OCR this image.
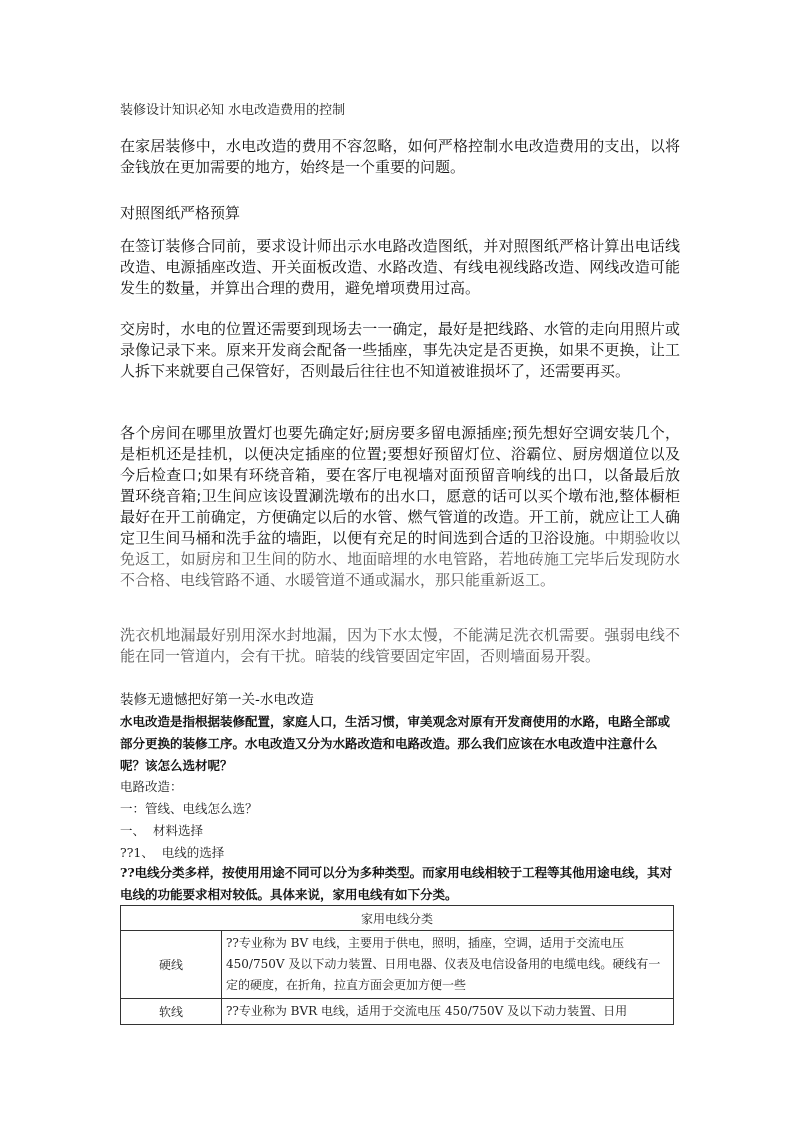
装修设计知识必知 水电改造费用的控制

在家居装修中，水电改造的费用不容忽略，如何严格控制水电改造费用的支出，以将金钱放在更加需要的地方，始终是一个重要的问题。

对照图纸严格预算

在签订装修合同前，要求设计师出示水电路改造图纸，并对照图纸严格计算出电话线改造、电源插座改造、开关面板改造、水路改造、有线电视线路改造、网线改造可能发生的数量，并算出合理的费用，避免增项费用过高。

交房时，水电的位置还需要到现场去一一确定，最好是把线路、水管的走向用照片或录像记录下来。原来开发商会配备一些插座，事先决定是否更换，如果不更换，让工人拆下来就要自己保管好，否则最后往往也不知道被谁损坏了，还需要再买。

各个房间在哪里放置灯也要先确定好;厨房要多留电源插座;预先想好空调安装几个，是柜机还是挂机，以便决定插座的位置;要想好预留灯位、浴霸位、厨房烟道位以及今后检查口;如果有环绕音箱，要在客厅电视墙对面预留音响线的出口，以备最后放置环绕音箱;卫生间应该设置涮洗墩布的出水口，愿意的话可以买个墩布池,整体橱柜最好在开工前确定，方便确定以后的水管、燃气管道的改造。开工前，就应让工人确定卫生间马桶和洗手盆的墙距，以便有充足的时间选到合适的卫浴设施。中期验收以免返工，如厨房和卫生间的防水、地面暗埋的水电管路，若地砖施工完毕后发现防水不合格、电线管路不通、水暖管道不通或漏水，那只能重新返工。

洗衣机地漏最好别用深水封地漏，因为下水太慢，不能满足洗衣机需要。强弱电线不能在同一管道内，会有干扰。暗装的线管要固定牢固，否则墙面易开裂。

装修无遗憾把好第一关-水电改造

水电改造是指根据装修配置，家庭人口，生活习惯，审美观念对原有开发商使用的水路，电路全部或部分更换的装修工序。水电改造又分为水路改造和电路改造。那么我们应该在水电改造中注意什么呢？该怎么选材呢？

电路改造：
一：管线、电线怎么选？
一、  材料选择
??1、  电线的选择

??电线分类多样，按使用用途不同可以分为多种类型。而家用电线相较于工程等其他用途电线，其对电线的功能要求相对较低。具体来说，家用电线有如下分类。

家用电线分类	
硬线	??专业称为 BV 电线，主要用于供电，照明，插座，空调，适用于交流电压 450/750V 及以下动力装置、日用电器、仪表及电信设备用的电缆电线。硬线有一定的硬度，在折角，拉直方面会更加方便一些
软线	??专业称为 BVR 电线，适用于交流电压 450/750V 及以下动力装置、日用
